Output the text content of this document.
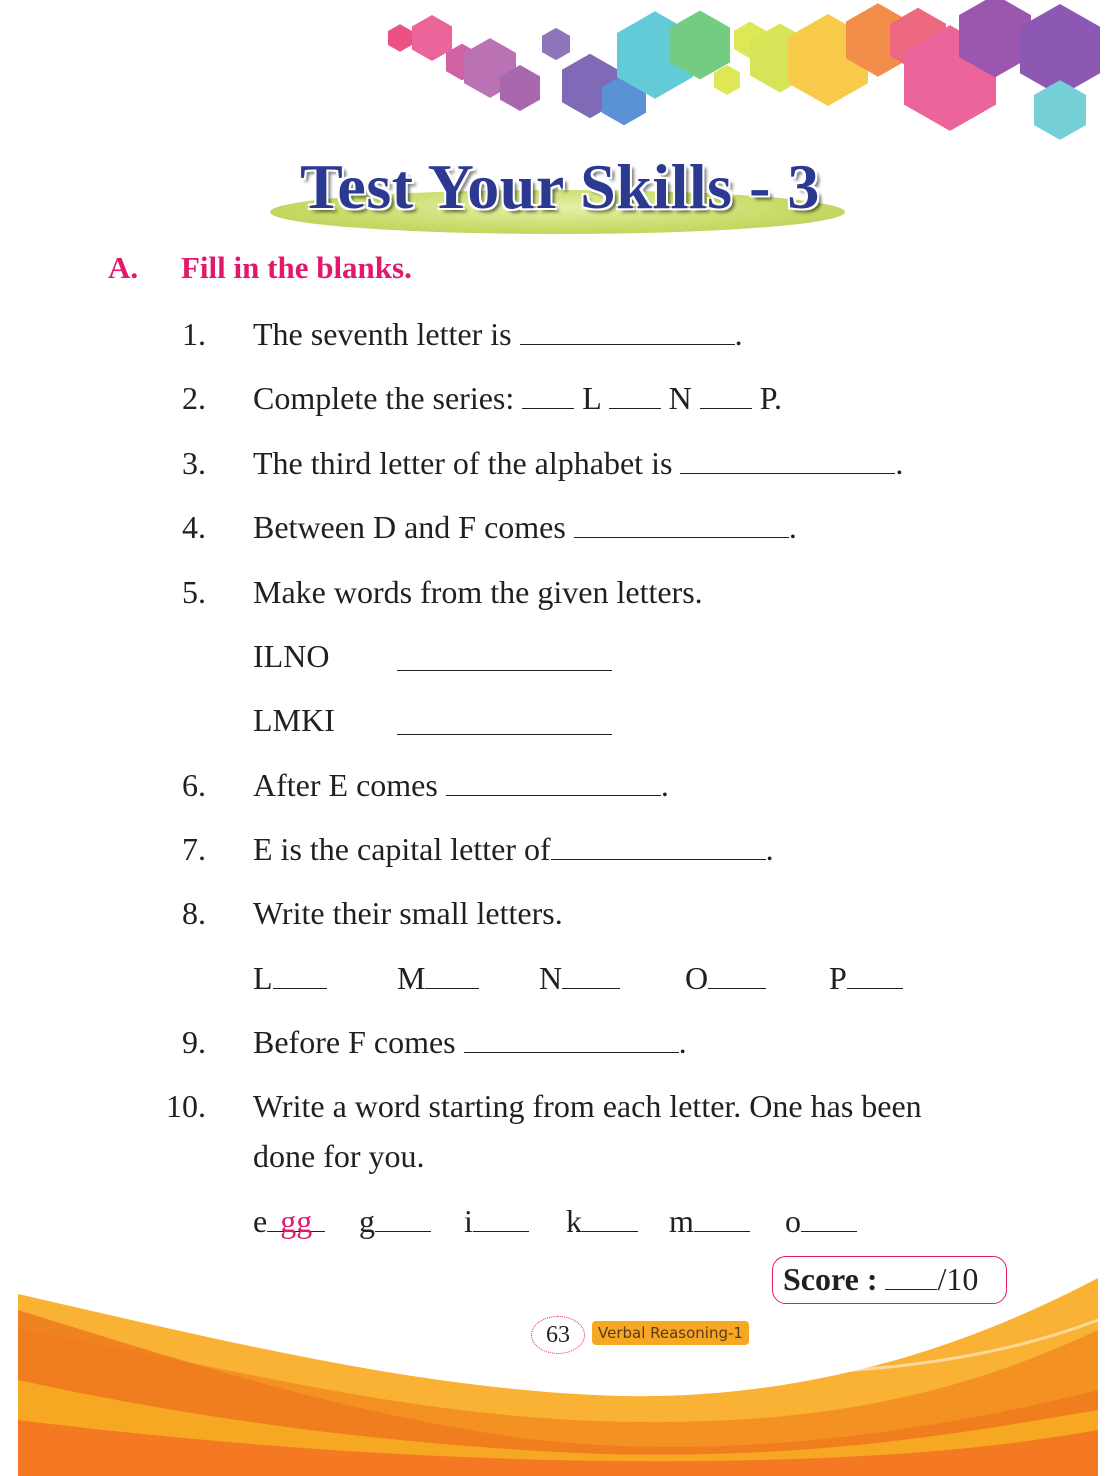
Test Your Skills - 3
A. Fill in the blanks.
1. The seventh letter is	.
2. Complete the series: L N P.
3. The third letter of the alphabet is	.
4. Between D and F comes	.
5. Make words from the given letters.
ILNO
LMKI
6. After E comes	.
7. E is the capital letter of	.
8. Write their small letters.
L	M	N	O	P
9. Before F comes	.
10. Write a word starting from each letter. One has been
done for you.
e gg	g	i	k	m	o
Score : /10
63	Verbal Reasoning-1
